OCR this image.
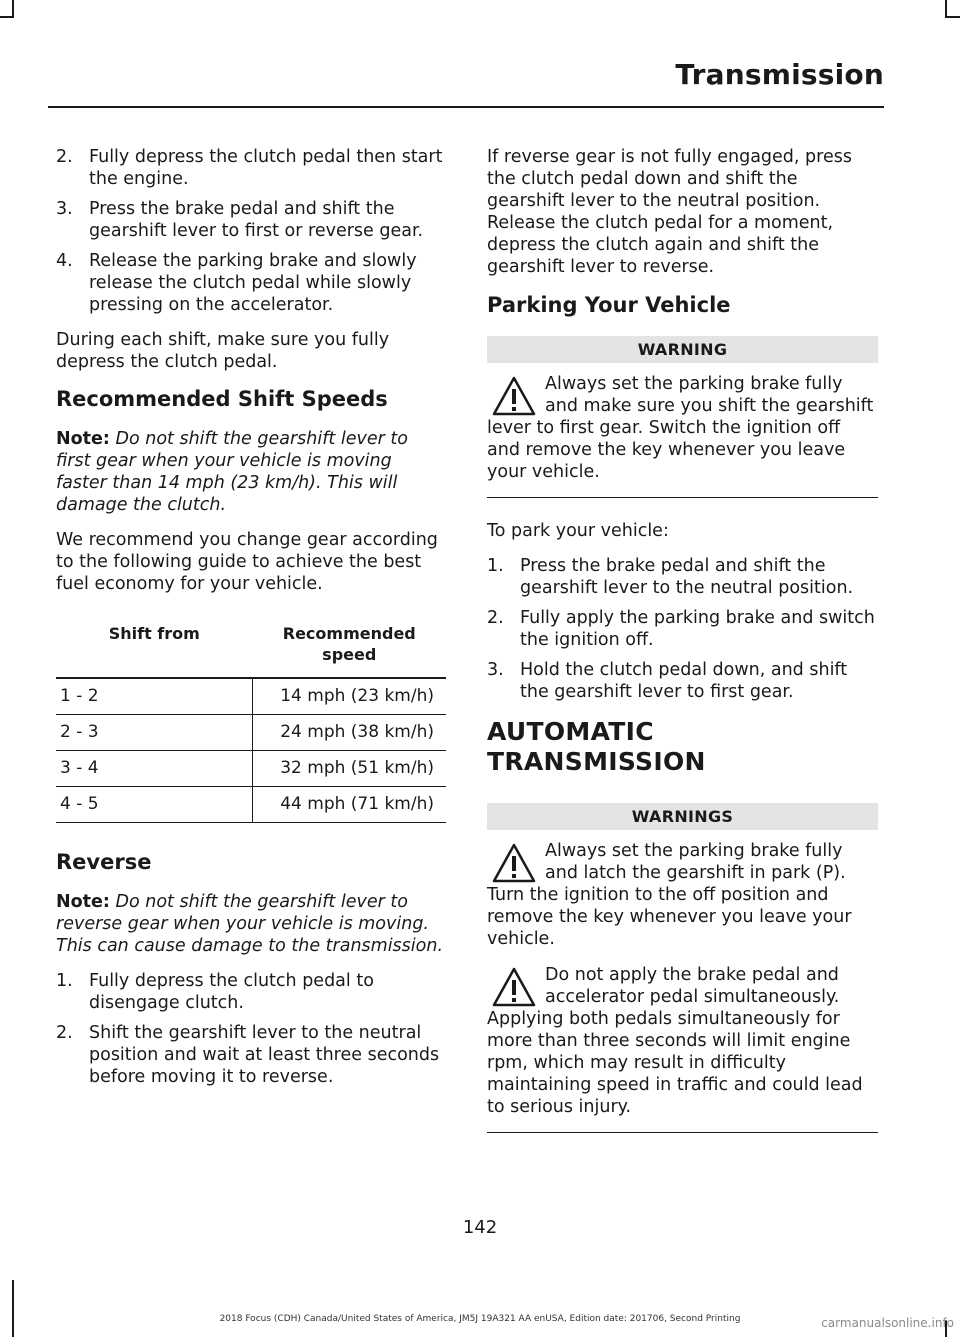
Transmission
2. Fully depress the clutch pedal then start the engine.
3. Press the brake pedal and shift the gearshift lever to first or reverse gear.
4. Release the parking brake and slowly release the clutch pedal while slowly pressing on the accelerator.

During each shift, make sure you fully depress the clutch pedal.

Recommended Shift Speeds

Note: Do not shift the gearshift lever to first gear when your vehicle is moving faster than 14 mph (23 km/h). This will damage the clutch.

We recommend you change gear according to the following guide to achieve the best fuel economy for your vehicle.

Shift from	Recommended speed
1 - 2	14 mph (23 km/h)
2 - 3	24 mph (38 km/h)
3 - 4	32 mph (51 km/h)
4 - 5	44 mph (71 km/h)
Reverse

Note: Do not shift the gearshift lever to reverse gear when your vehicle is moving. This can cause damage to the transmission.

1. Fully depress the clutch pedal to disengage clutch.
2. Shift the gearshift lever to the neutral position and wait at least three seconds before moving it to reverse.

If reverse gear is not fully engaged, press the clutch pedal down and shift the gearshift lever to the neutral position. Release the clutch pedal for a moment, depress the clutch again and shift the gearshift lever to reverse.

Parking Your Vehicle
WARNING
Always set the parking brake fully and make sure you shift the gearshift lever to first gear. Switch the ignition off and remove the key whenever you leave your vehicle.

To park your vehicle:

1. Press the brake pedal and shift the gearshift lever to the neutral position.
2. Fully apply the parking brake and switch the ignition off.
3. Hold the clutch pedal down, and shift the gearshift lever to first gear.
AUTOMATIC TRANSMISSION
WARNINGS
Always set the parking brake fully and latch the gearshift in park (P). Turn the ignition to the off position and remove the key whenever you leave your vehicle.
Do not apply the brake pedal and accelerator pedal simultaneously. Applying both pedals simultaneously for more than three seconds will limit engine rpm, which may result in difficulty maintaining speed in traffic and could lead to serious injury.
142
2018 Focus (CDH) Canada/United States of America, JM5J 19A321 AA enUSA, Edition date: 201706, Second Printing	carmanualsonline.info
